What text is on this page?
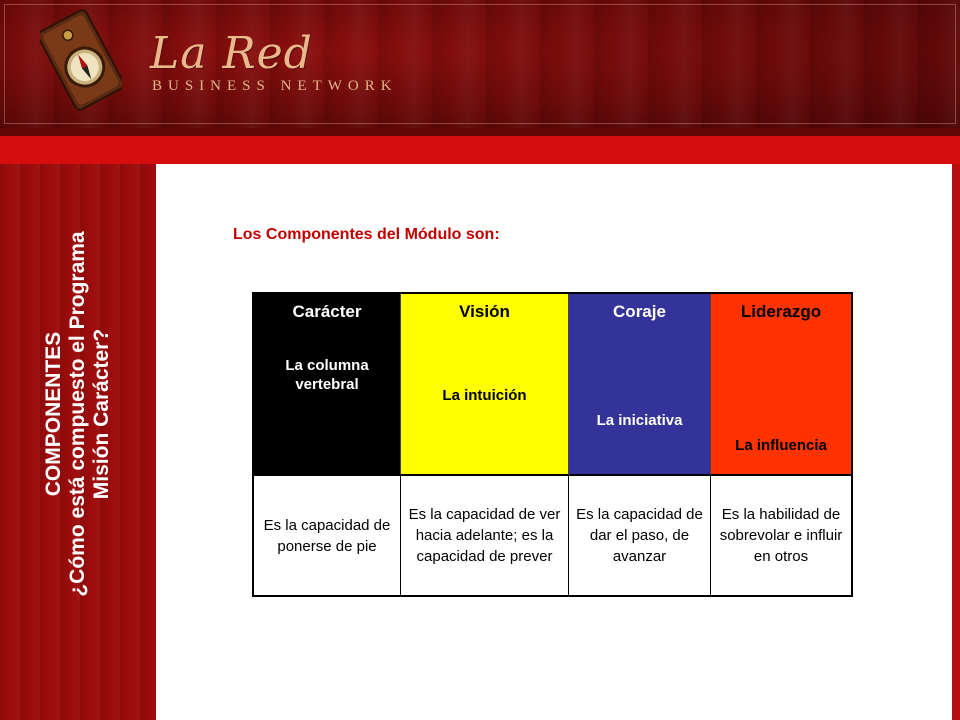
La Red
BUSINESS NETWORK
COMPONENTES ¿Cómo está compuesto el Programa Misión Carácter?
Los Componentes del Módulo son:
Carácter
La columna vertebral
Visión
La intuición
Coraje
La iniciativa
Liderazgo
La influencia
Es la capacidad de ponerse de pie
Es la capacidad de ver hacia adelante; es la capacidad de prever
Es la capacidad de dar el paso, de avanzar
Es la habilidad de sobrevolar e influir en otros
